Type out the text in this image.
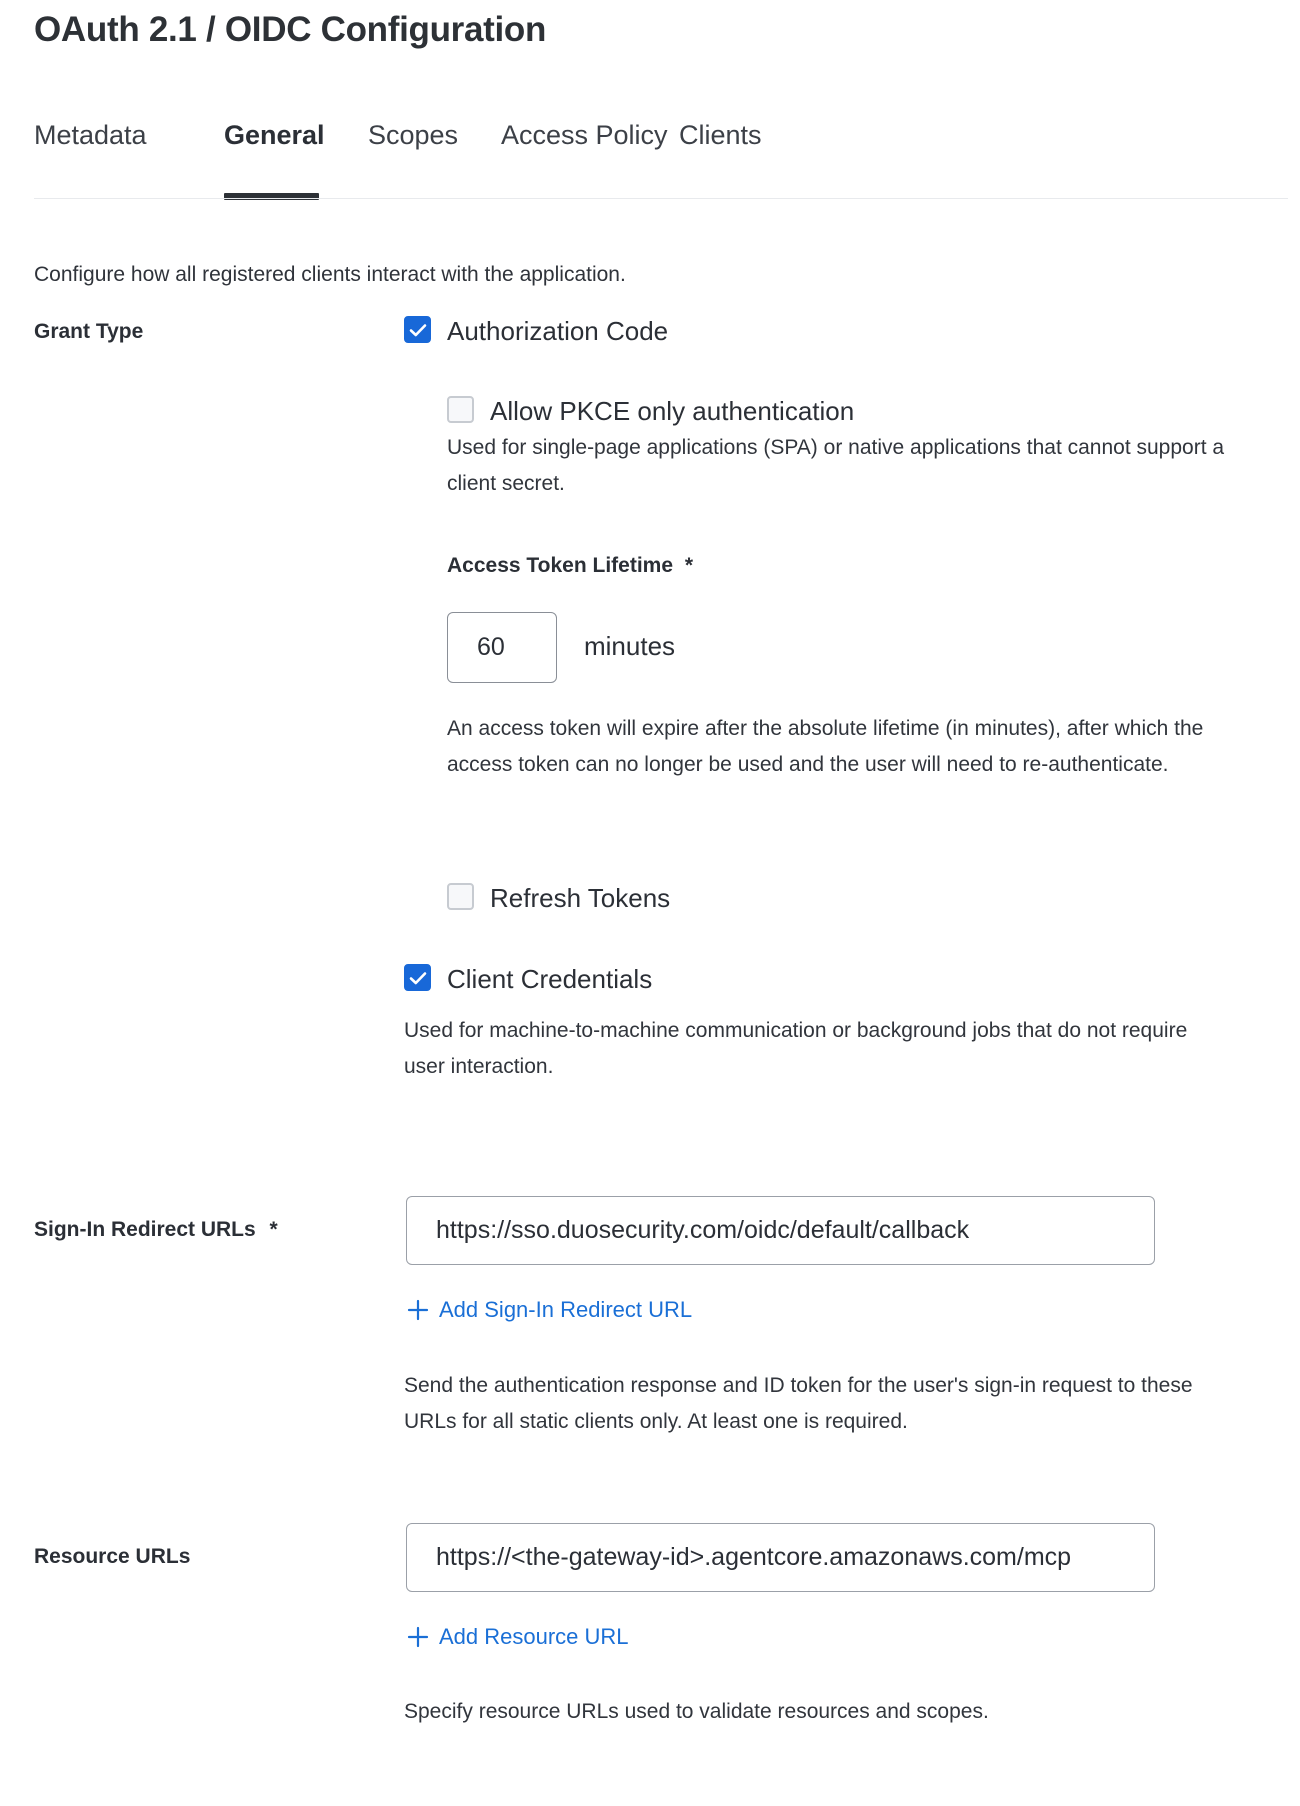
OAuth 2.1 / OIDC Configuration
Metadata	General Scopes Access Policy Clients
Configure how all registered clients interact with the application.
Grant Type	Authorization Code
Allow PKCE only authentication
Used for single-page applications (SPA) or native applications that cannot support a client secret.
Access Token Lifetime *
60
minutes
An access token will expire after the absolute lifetime (in minutes), after which the access token can no longer be used and the user will need to re-authenticate.
Refresh Tokens
Client Credentials
Used for machine-to-machine communication or background jobs that do not require user interaction.
Sign-In Redirect URLs *
https://sso.duosecurity.com/oidc/default/callback
Add Sign-In Redirect URL
Send the authentication response and ID token for the user's sign-in request to these URLs for all static clients only. At least one is required.
Resource URLs
https://<the-gateway-id>.agentcore.amazonaws.com/mcp
Add Resource URL
Specify resource URLs used to validate resources and scopes.
